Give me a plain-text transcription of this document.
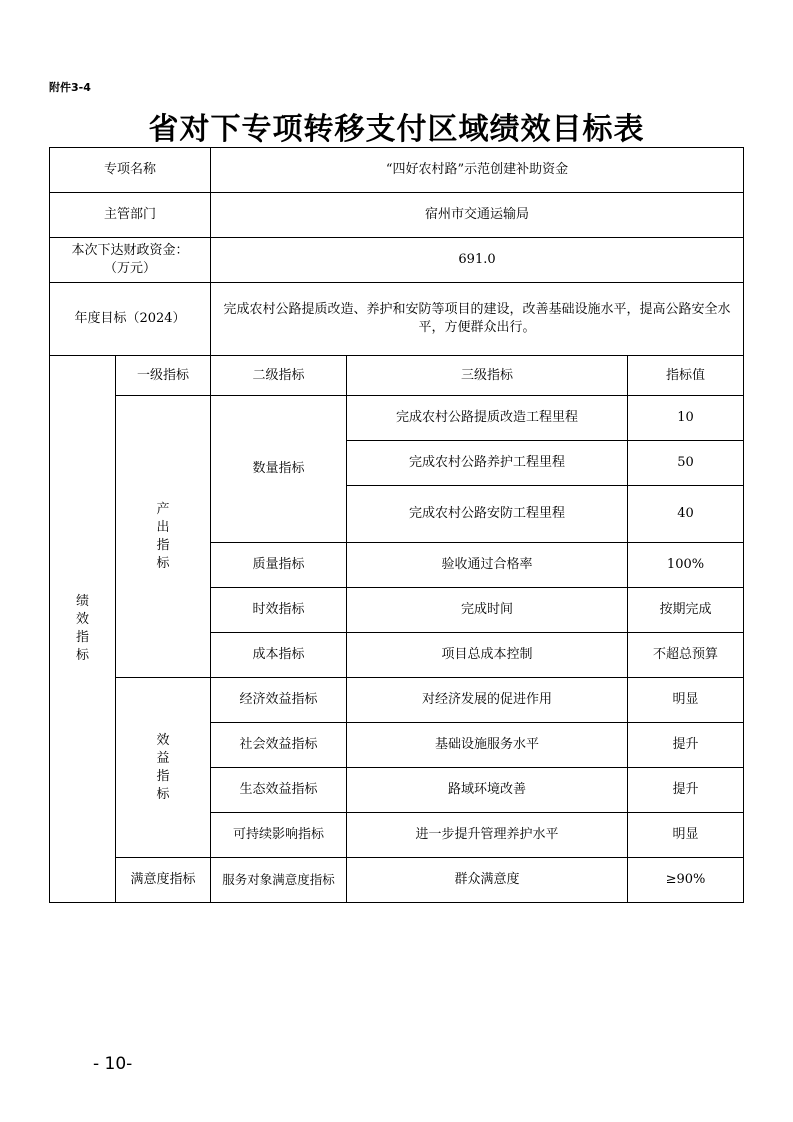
附件3-4
省对下专项转移支付区域绩效目标表
专项名称		“四好农村路”示范创建补助资金		
主管部门		宿州市交通运输局		

本次下达财政资金：
（万元）		691.0		
年度目标（2024）		完成农村公路提质改造、养护和安防等项目的建设，改善基础设施水平，提高公路安全水平，方便群众出行。		

绩
效
指
标	一级指标	二级指标	三级指标	指标值

	产
出
指
标	数量指标	完成农村公路提质改造工程里程	10
			完成农村公路养护工程里程	50
			完成农村公路安防工程里程	40
		质量指标	验收通过合格率	100%
		时效指标	完成时间	按期完成
		成本指标	项目总成本控制	不超总预算

	效
益
指
标	经济效益指标	对经济发展的促进作用	明显
		社会效益指标	基础设施服务水平	提升
		生态效益指标	路域环境改善	提升
		可持续影响指标	进一步提升管理养护水平	明显
	满意度指标	服务对象满意度指标	群众满意度	≥90%
- 10-
